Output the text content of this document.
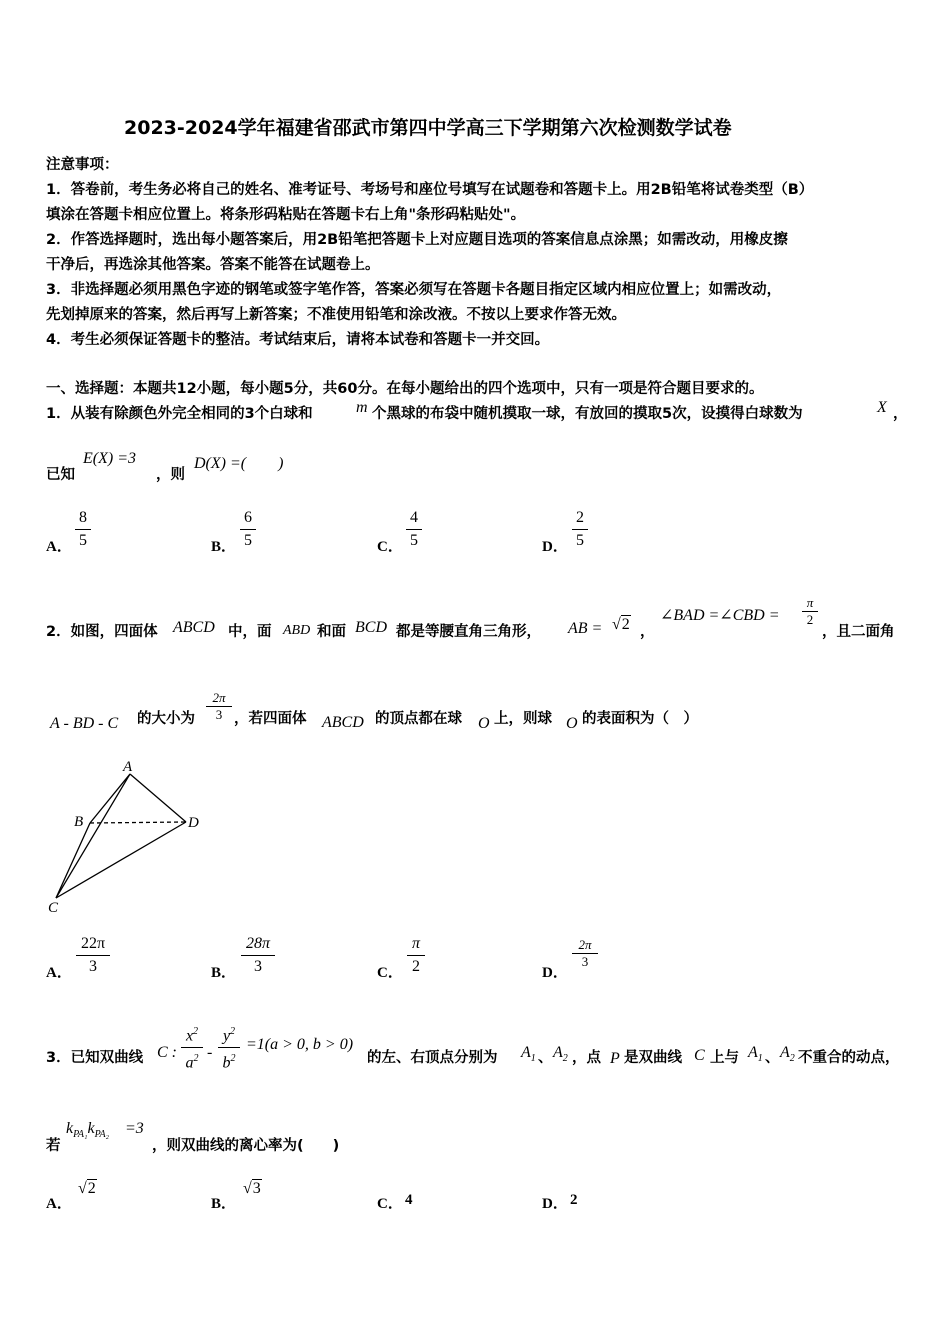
2023-2024学年福建省邵武市第四中学高三下学期第六次检测数学试卷
注意事项：
1．答卷前，考生务必将自己的姓名、准考证号、考场号和座位号填写在试题卷和答题卡上。用2B铅笔将试卷类型（B）
填涂在答题卡相应位置上。将条形码粘贴在答题卡右上角"条形码粘贴处"。
2．作答选择题时，选出每小题答案后，用2B铅笔把答题卡上对应题目选项的答案信息点涂黑；如需改动，用橡皮擦
干净后，再选涂其他答案。答案不能答在试题卷上。
3．非选择题必须用黑色字迹的钢笔或签字笔作答，答案必须写在答题卡各题目指定区域内相应位置上；如需改动，
先划掉原来的答案，然后再写上新答案；不准使用铅笔和涂改液。不按以上要求作答无效。
4．考生必须保证答题卡的整洁。考试结束后，请将本试卷和答题卡一并交回。
一、选择题：本题共12小题，每小题5分，共60分。在每小题给出的四个选项中，只有一项是符合题目要求的。
1．从装有除颜色外完全相同的3个白球和	m 个黑球的布袋中随机摸取一球，有放回的摸取5次，设摸得白球数为	X ，
已知
E(X) =3
，则
D(X) =(　　)
A．
8
5	B．
6
5	C．
4
5	D．
2
5
2．如图，四面体 ABCD 中，面 ABD 和面 BCD 都是等腰直角三角形， AB = √2 ，
∠BAD =∠CBD =
π
2
，且二面角
A - BD - C 的大小为
2π
3 ，若四面体 ABCD 的顶点都在球 O 上，则球 O 的表面积为（　）
A
B
C
D
A．
22π
3	B．
28π
3	C．
π
2	D．
2π
3
3．已知双曲线 C :
$x^2$
$a^2$ -
$y^2$
$b^2$
=1(a > 0, b > 0)
的左、右顶点分别为 $A_1$ 、 $A_2$ ，点 P 是双曲线 C 上与 $A_1$ 、 $A_2$ 不重合的动点，
若
$k_{PA_1}k_{PA_2} =3$
，则双曲线的离心率为(　　)
A．
√2
B．
√3
C． 4	D． 2
